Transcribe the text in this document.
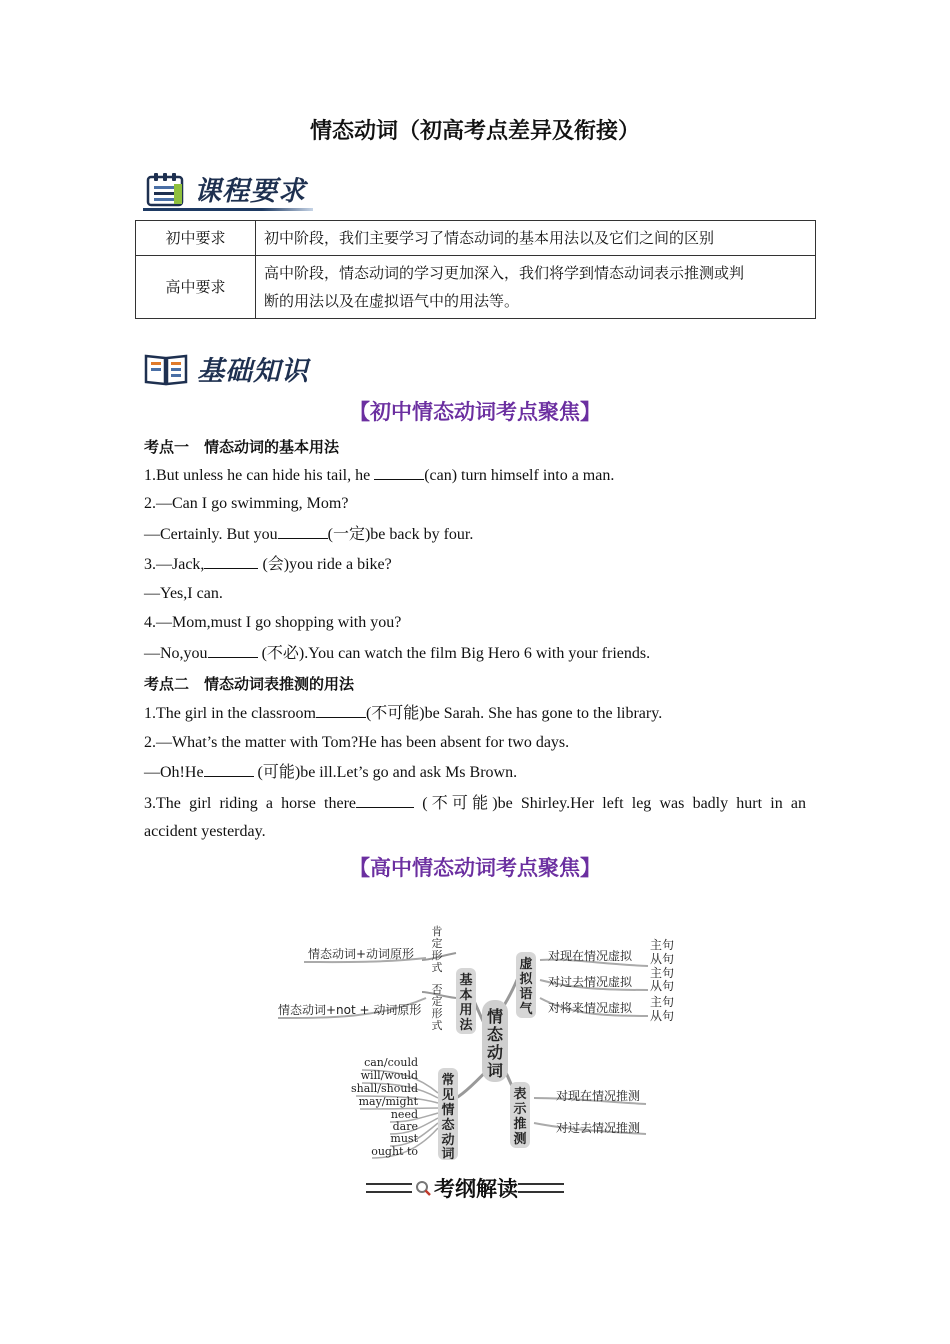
情态动词（初高考点差异及衔接）
课程要求
初中要求	初中阶段，我们主要学习了情态动词的基本用法以及它们之间的区别
高中要求	高中阶段，情态动词的学习更加深入，我们将学到情态动词表示推测或判
断的用法以及在虚拟语气中的用法等。
基础知识
【初中情态动词考点聚焦】
考点一　情态动词的基本用法
1.But unless he can hide his tail, he	(can) turn himself into a man.
2.—Can I go swimming, Mom?
—Certainly. But you	(一定)be back by four.
3.—Jack,	(会)you ride a bike?
—Yes,I can.
4.—Mom,must I go shopping with you?
—No,you	(不必).You can watch the film Big Hero 6 with your friends.
考点二　情态动词表推测的用法
1.The girl in the classroom	(不可能)be Sarah. She has gone to the library.
2.—What’s the matter with Tom?He has been absent for two days.
—Oh!He	(可能)be ill.Let’s go and ask Ms Brown.
3.The girl riding a horse there	(不可能)be Shirley.Her left leg was badly hurt in an
accident yesterday.
【高中情态动词考点聚焦】
情
态
动
词
基
本
用
法
肯
定
形
式
否
定
形
式
情态动词+动词原形
情态动词+not + 动词原形
虚
拟
语
气
对现在情况虚拟
对过去情况虚拟
对将来情况虚拟
主句
从句
主句
从句
主句
从句
常
见
情
态
动
词
can/could
will/would
shall/should
may/might
need
dare
must
ought to
表
示
推
测
对现在情况推测
对过去情况推测
考纲解读
